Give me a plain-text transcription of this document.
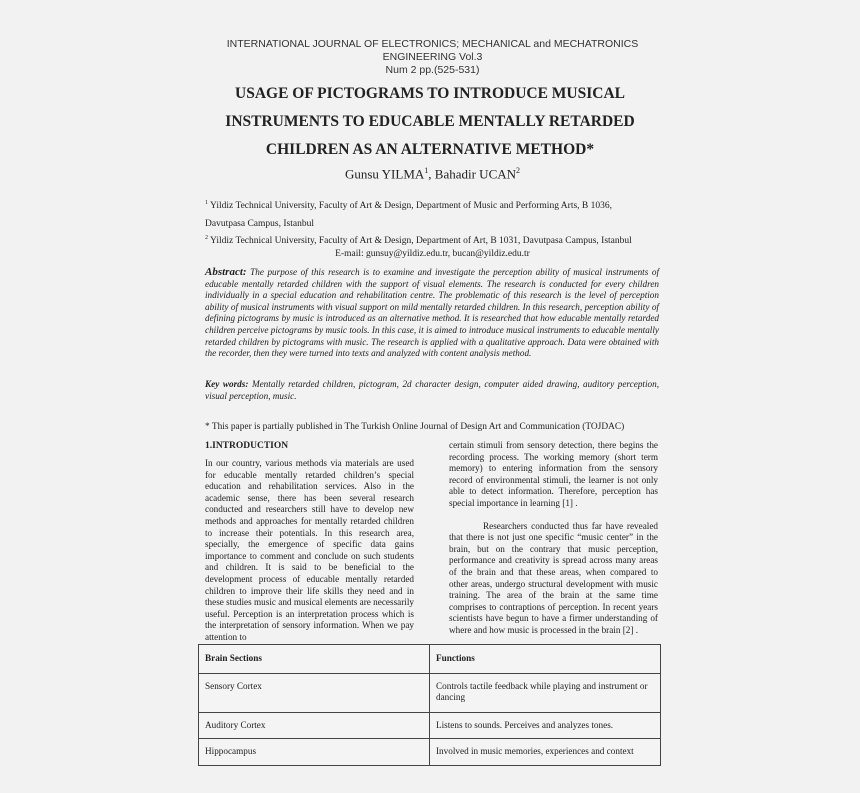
INTERNATIONAL JOURNAL OF ELECTRONICS; MECHANICAL and MECHATRONICS ENGINEERING Vol.3
Num 2 pp.(525-531)
USAGE OF PICTOGRAMS TO INTRODUCE MUSICAL
INSTRUMENTS TO EDUCABLE MENTALLY RETARDED
CHILDREN AS AN ALTERNATIVE METHOD*
Gunsu YILMA$^1$, Bahadir UCAN$^2$
$^1$ Yildiz Technical University, Faculty of Art & Design, Department of Music and Performing Arts, B 1036,
Davutpasa Campus, Istanbul
$^2$ Yildiz Technical University, Faculty of Art & Design, Department of Art, B 1031, Davutpasa Campus, Istanbul
E-mail: gunsuy@yildiz.edu.tr, bucan@yildiz.edu.tr
Abstract: The purpose of this research is to examine and investigate the perception ability of musical instruments of educable mentally retarded children with the support of visual elements. The research is conducted for every children individually in a special education and rehabilitation centre. The problematic of this research is the level of perception ability of musical instruments with visual support on mild mentally retarded children. In this research, perception ability of defining pictograms by music is introduced as an alternative method. It is researched that how educable mentally retarded children perceive pictograms by music tools. In this case, it is aimed to introduce musical instruments to educable mentally retarded children by pictograms with music. The research is applied with a qualitative approach. Data were obtained with the recorder, then they were turned into texts and analyzed with content analysis method.
Key words: Mentally retarded children, pictogram, 2d character design, computer aided drawing, auditory perception, visual perception, music.
* This paper is partially published in The Turkish Online Journal of Design Art and Communication (TOJDAC)
1.INTRODUCTION

In our country, various methods via materials are used for educable mentally retarded children’s special education and rehabilitation services. Also in the academic sense, there has been several research conducted and researchers still have to develop new methods and approaches for mentally retarded children to increase their potentials. In this research area, specially, the emergence of specific data gains importance to comment and conclude on such students and children. It is said to be beneficial to the development process of educable mentally retarded children to improve their life skills they need and in these studies music and musical elements are necessarily useful. Perception is an interpretation process which is the interpretation of sensory information. When we pay attention to

certain stimuli from sensory detection, there begins the recording process. The working memory (short term memory) to entering information from the sensory record of environmental stimuli, the learner is not only able to detect information. Therefore, perception has special importance in learning [1] .

Researchers conducted thus far have revealed that there is not just one specific “music center” in the brain, but on the contrary that music perception, performance and creativity is spread across many areas of the brain and that these areas, when compared to other areas, undergo structural development with music training. The area of the brain at the same time comprises to contraptions of perception. In recent years scientists have begun to have a firmer understanding of where and how music is processed in the brain [2] .

Brain Sections	Functions
Sensory Cortex	Controls tactile feedback while playing and instrument or dancing
Auditory Cortex	Listens to sounds. Perceives and analyzes tones.
Hippocampus	Involved in music memories, experiences and context
